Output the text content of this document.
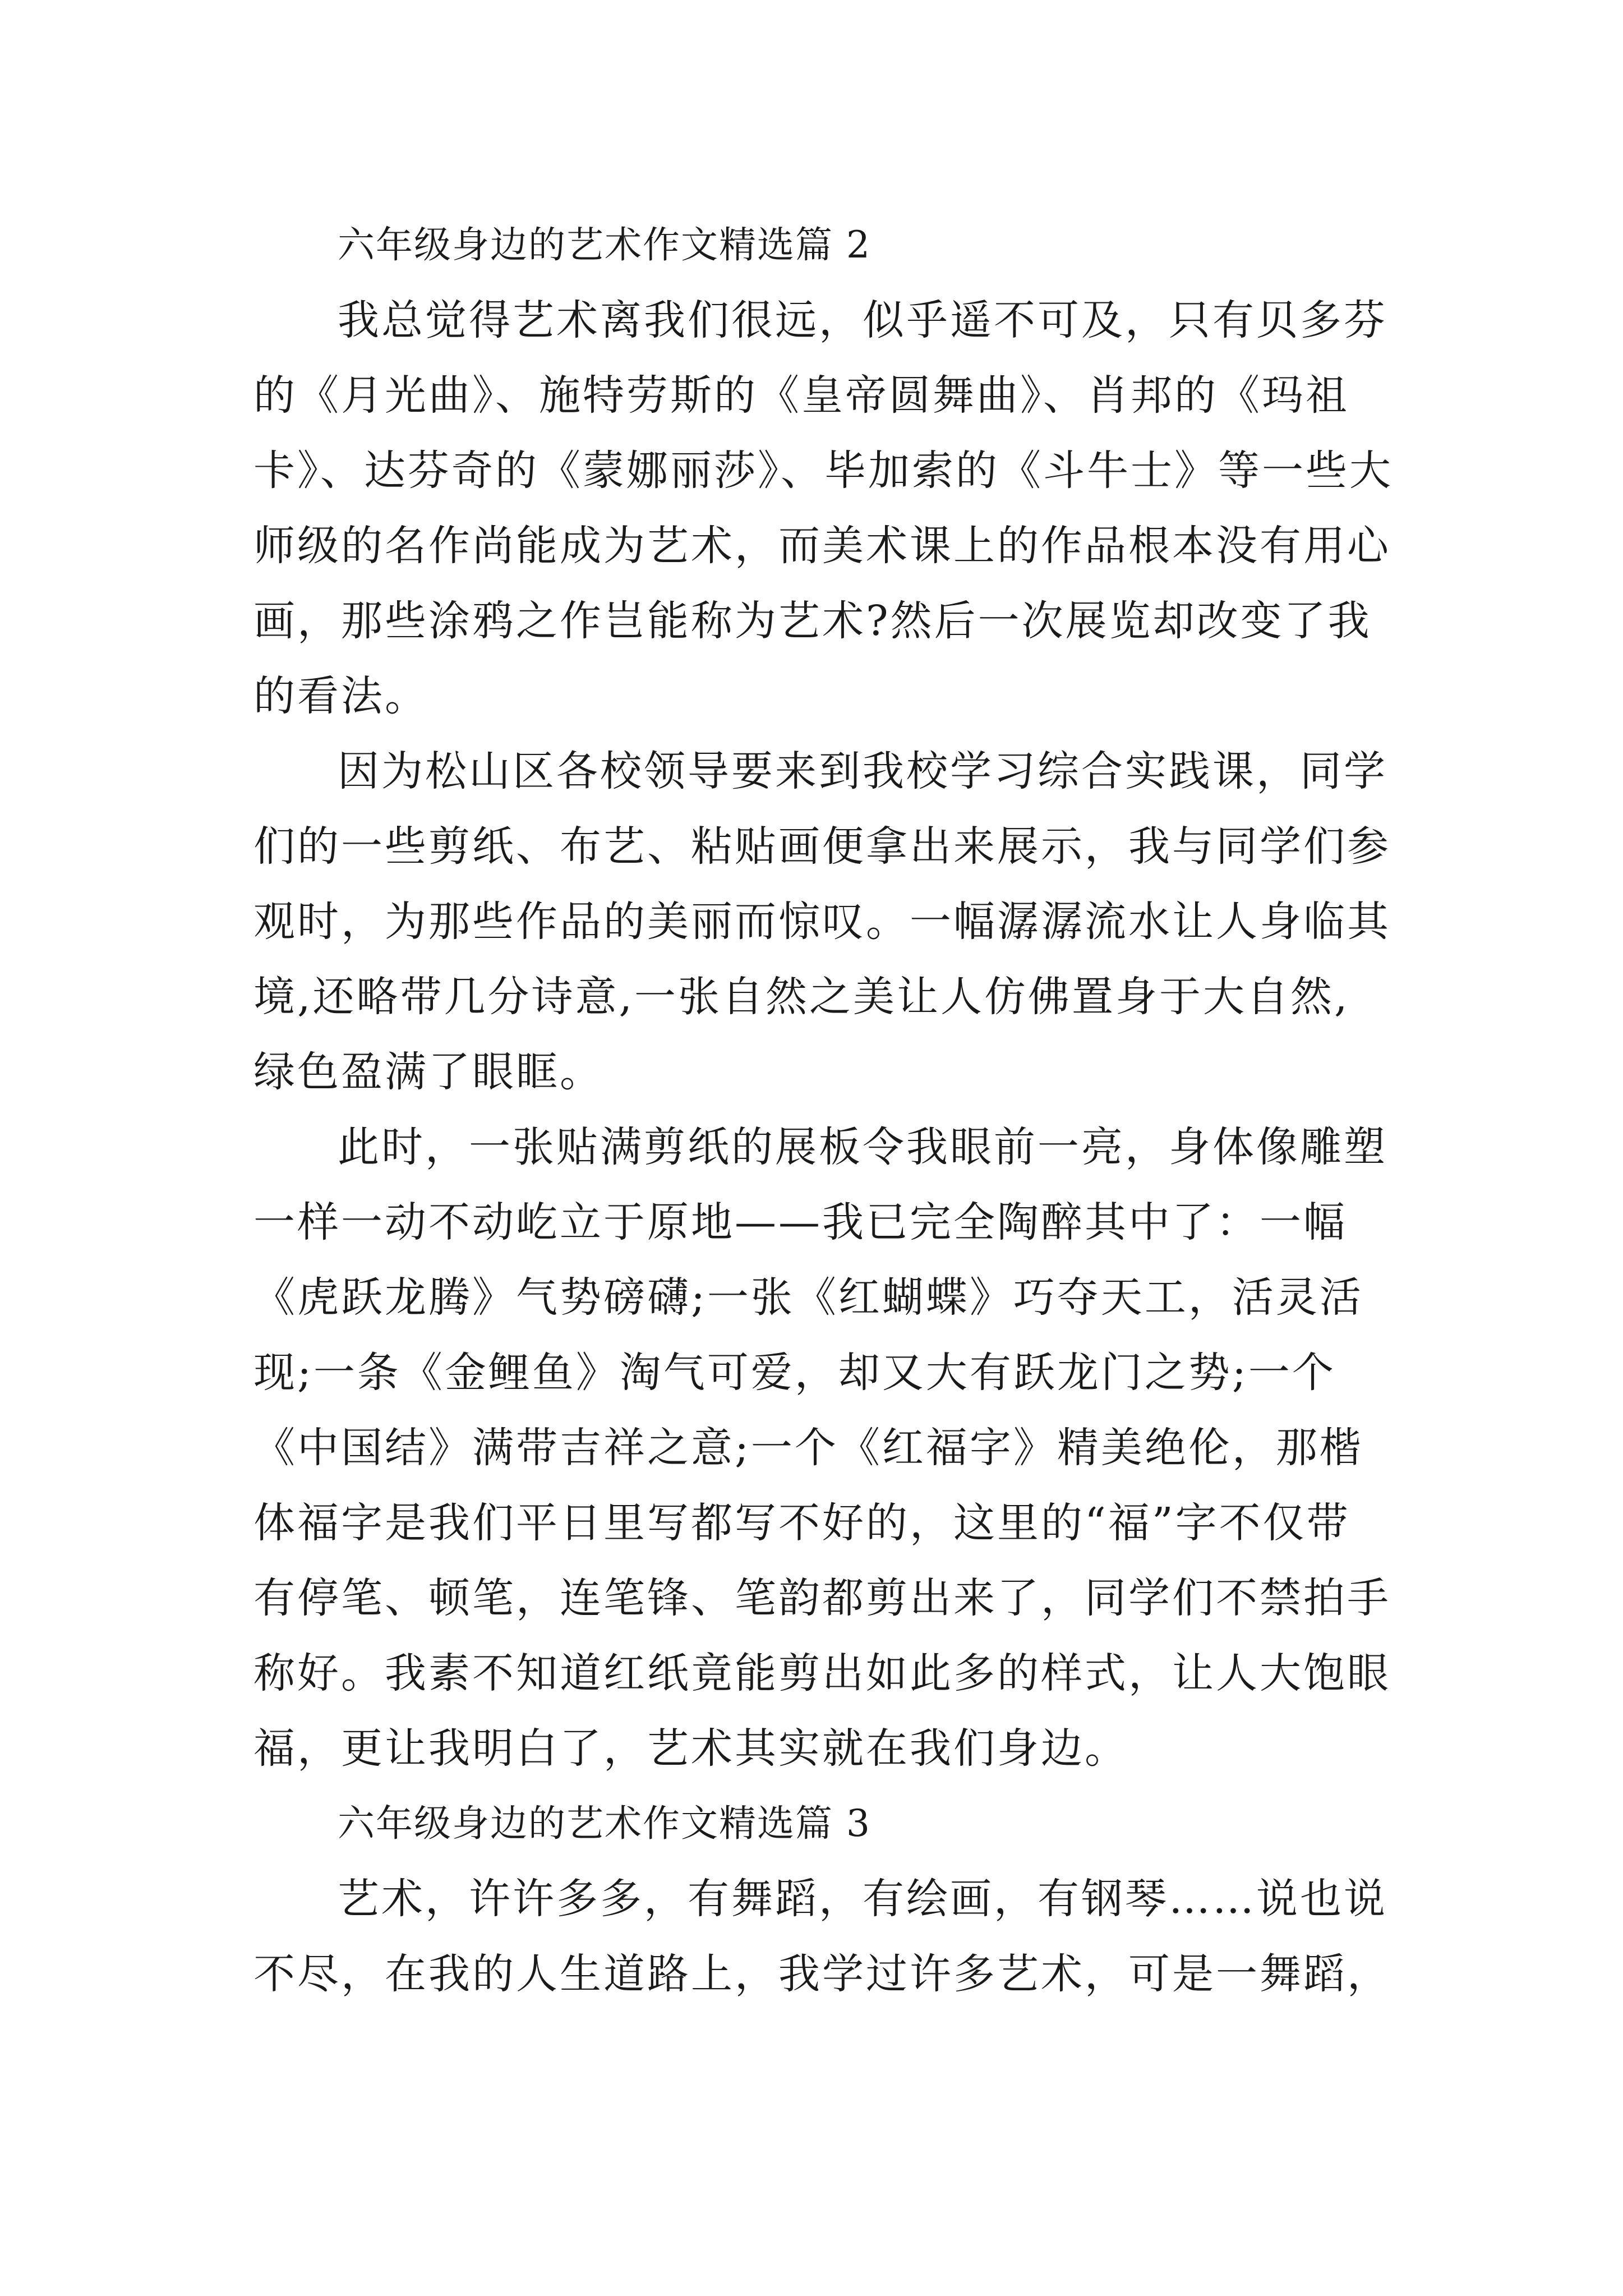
六年级身边的艺术作文精选篇 2
我总觉得艺术离我们很远，似乎遥不可及，只有贝多芬
的《月光曲》、施特劳斯的《皇帝圆舞曲》、肖邦的《玛祖
卡》、达芬奇的《蒙娜丽莎》、毕加索的《斗牛士》等一些大
师级的名作尚能成为艺术，而美术课上的作品根本没有用心
画，那些涂鸦之作岂能称为艺术?然后一次展览却改变了我
的看法。
因为松山区各校领导要来到我校学习综合实践课，同学
们的一些剪纸、布艺、粘贴画便拿出来展示，我与同学们参
观时，为那些作品的美丽而惊叹。一幅潺潺流水让人身临其
境,还略带几分诗意,一张自然之美让人仿佛置身于大自然,
绿色盈满了眼眶。
此时，一张贴满剪纸的展板令我眼前一亮，身体像雕塑
一样一动不动屹立于原地——我已完全陶醉其中了：一幅
《虎跃龙腾》气势磅礴;一张《红蝴蝶》巧夺天工，活灵活
现;一条《金鲤鱼》淘气可爱，却又大有跃龙门之势;一个
《中国结》满带吉祥之意;一个《红福字》精美绝伦，那楷
体福字是我们平日里写都写不好的，这里的“福”字不仅带
有停笔、顿笔，连笔锋、笔韵都剪出来了，同学们不禁拍手
称好。我素不知道红纸竟能剪出如此多的样式，让人大饱眼
福，更让我明白了，艺术其实就在我们身边。
六年级身边的艺术作文精选篇 3
艺术，许许多多，有舞蹈，有绘画，有钢琴……说也说
不尽，在我的人生道路上，我学过许多艺术，可是一舞蹈，
